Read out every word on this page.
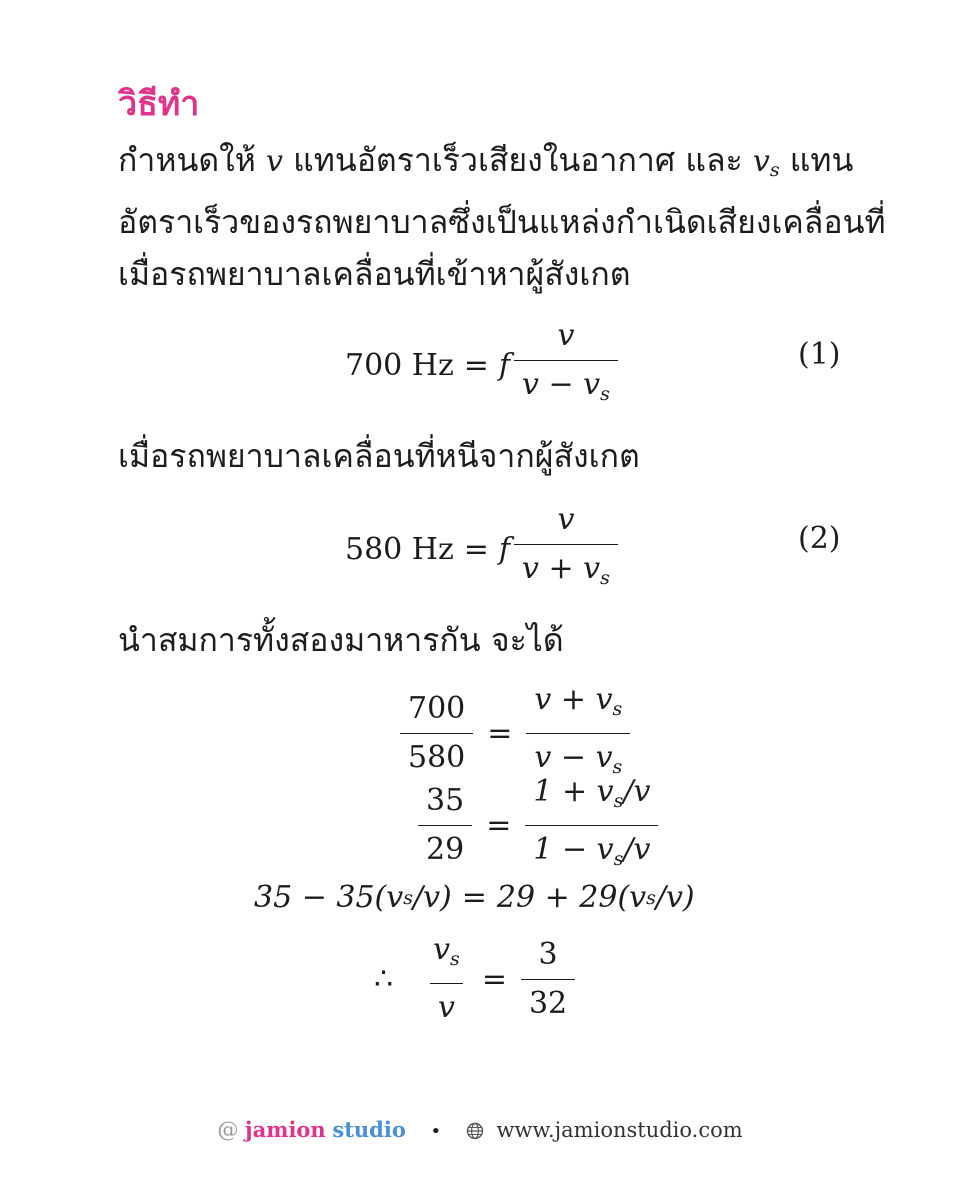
วิธีทำ
กำหนดให้ v แทนอัตราเร็วเสียงในอากาศ และ $v_s$ แทน
อัตราเร็วของรถพยาบาลซึ่งเป็นแหล่งกำเนิดเสียงเคลื่อนที่
เมื่อรถพยาบาลเคลื่อนที่เข้าหาผู้สังเกต
700 Hz = f $\frac{v}{v - v_s}$	(1)
เมื่อรถพยาบาลเคลื่อนที่หนีจากผู้สังเกต
580 Hz = f $\frac{v}{v + v_s}$	(2)
นำสมการทั้งสองมาหารกัน จะได้
$\frac{700}{580} = \frac{v + v_s}{v - v_s}$
$\frac{35}{29} = \frac{1 + v_s/v}{1 - v_s/v}$
35 − 35(v s /v) = 29 + 29(v s /v)
∴ $\frac{v_s}{v} = \frac{3}{32}$
@ jamion studio •	www.jamionstudio.com
